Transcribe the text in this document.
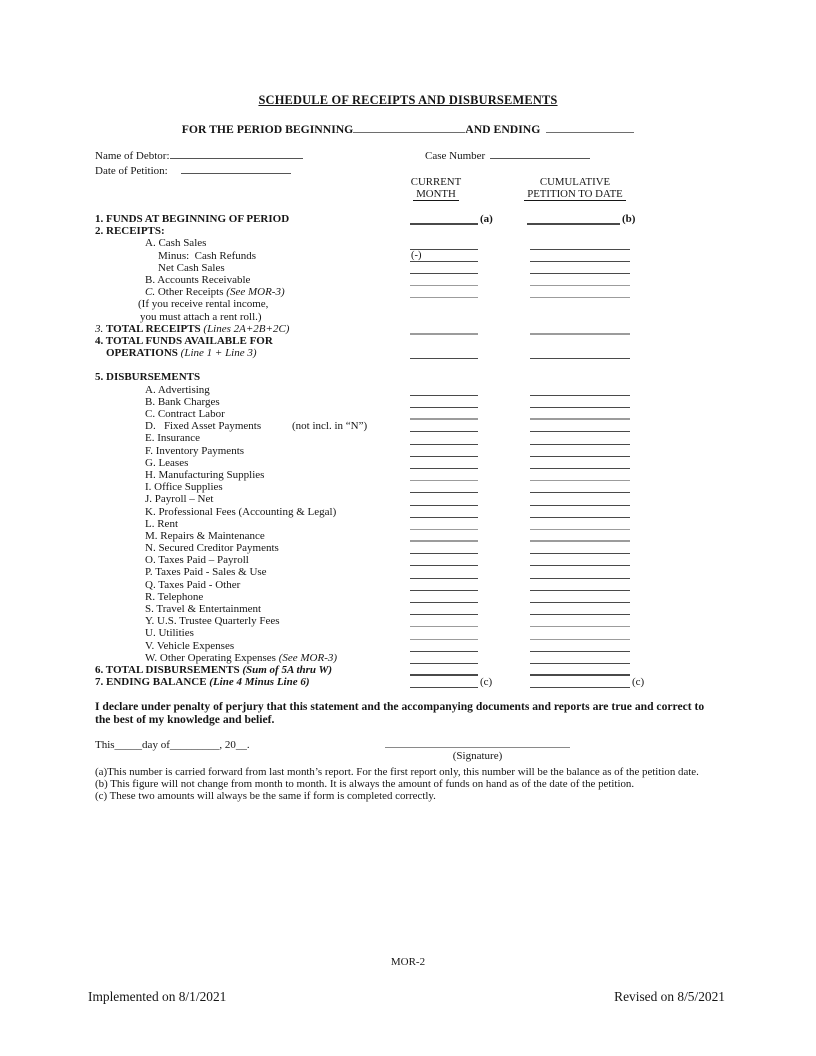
SCHEDULE OF RECEIPTS AND DISBURSEMENTS
FOR THE PERIOD BEGINNING	AND ENDING
Name of Debtor:
Date of Petition:
Case Number
CURRENT
MONTH
CUMULATIVE
PETITION TO DATE
1. FUNDS AT BEGINNING OF PERIOD	(a)	(b)
2. RECEIPTS:
A. Cash Sales
Minus:  Cash Refunds	(-)
Net Cash Sales
B. Accounts Receivable
C. Other Receipts (See MOR-3)
(If you receive rental income,
you must attach a rent roll.)
3. TOTAL RECEIPTS (Lines 2A+2B+2C)
4. TOTAL FUNDS AVAILABLE FOR
OPERATIONS (Line 1 + Line 3)
5. DISBURSEMENTS
A. Advertising
B. Bank Charges
C. Contract Labor
D.   Fixed Asset Payments	(not incl. in “N”)
E. Insurance
F. Inventory Payments
G. Leases
H. Manufacturing Supplies
I. Office Supplies
J. Payroll – Net
K. Professional Fees (Accounting & Legal)
L. Rent
M. Repairs & Maintenance
N. Secured Creditor Payments
O. Taxes Paid – Payroll
P. Taxes Paid - Sales & Use
Q. Taxes Paid - Other
R. Telephone
S. Travel & Entertainment
Y. U.S. Trustee Quarterly Fees
U. Utilities
V. Vehicle Expenses
W. Other Operating Expenses (See MOR-3)
6. TOTAL DISBURSEMENTS (Sum of 5A thru W)
7. ENDING BALANCE (Line 4 Minus Line 6)	(c)	(c)
I declare under penalty of perjury that this statement and the accompanying documents and reports are true and correct to the best of my knowledge and belief.
This_____day of_________, 20__.
(Signature)
(a)This number is carried forward from last month’s report. For the first report only, this number will be the balance as of the petition date.
(b) This figure will not change from month to month. It is always the amount of funds on hand as of the date of the petition.
(c) These two amounts will always be the same if form is completed correctly.
MOR-2
Implemented on 8/1/2021	Revised on 8/5/2021
